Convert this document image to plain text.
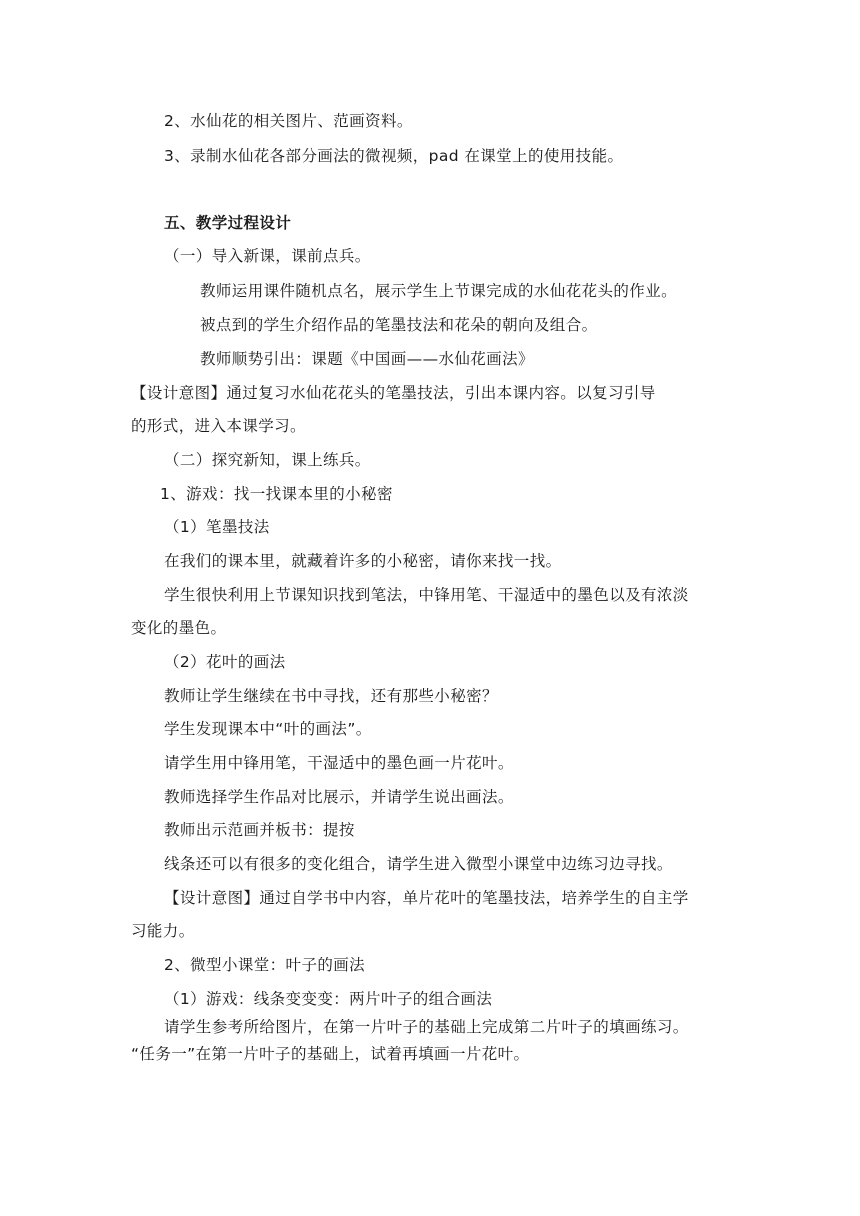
2、水仙花的相关图片、范画资料。

3、录制水仙花各部分画法的微视频，pad 在课堂上的使用技能。

五、教学过程设计

（一）导入新课，课前点兵。

教师运用课件随机点名，展示学生上节课完成的水仙花花头的作业。

被点到的学生介绍作品的笔墨技法和花朵的朝向及组合。

教师顺势引出：课题《中国画——水仙花画法》

【设计意图】通过复习水仙花花头的笔墨技法，引出本课内容。以复习引导

的形式，进入本课学习。

（二）探究新知，课上练兵。

1、游戏：找一找课本里的小秘密

（1）笔墨技法

在我们的课本里，就藏着许多的小秘密，请你来找一找。

学生很快利用上节课知识找到笔法，中锋用笔、干湿适中的墨色以及有浓淡

变化的墨色。

（2）花叶的画法

教师让学生继续在书中寻找，还有那些小秘密？

学生发现课本中“叶的画法”。

请学生用中锋用笔，干湿适中的墨色画一片花叶。

教师选择学生作品对比展示，并请学生说出画法。

教师出示范画并板书：提按

线条还可以有很多的变化组合，请学生进入微型小课堂中边练习边寻找。

【设计意图】通过自学书中内容，单片花叶的笔墨技法，培养学生的自主学

习能力。

2、微型小课堂：叶子的画法

（1）游戏：线条变变变：两片叶子的组合画法

请学生参考所给图片，在第一片叶子的基础上完成第二片叶子的填画练习。

“任务一”在第一片叶子的基础上，试着再填画一片花叶。
